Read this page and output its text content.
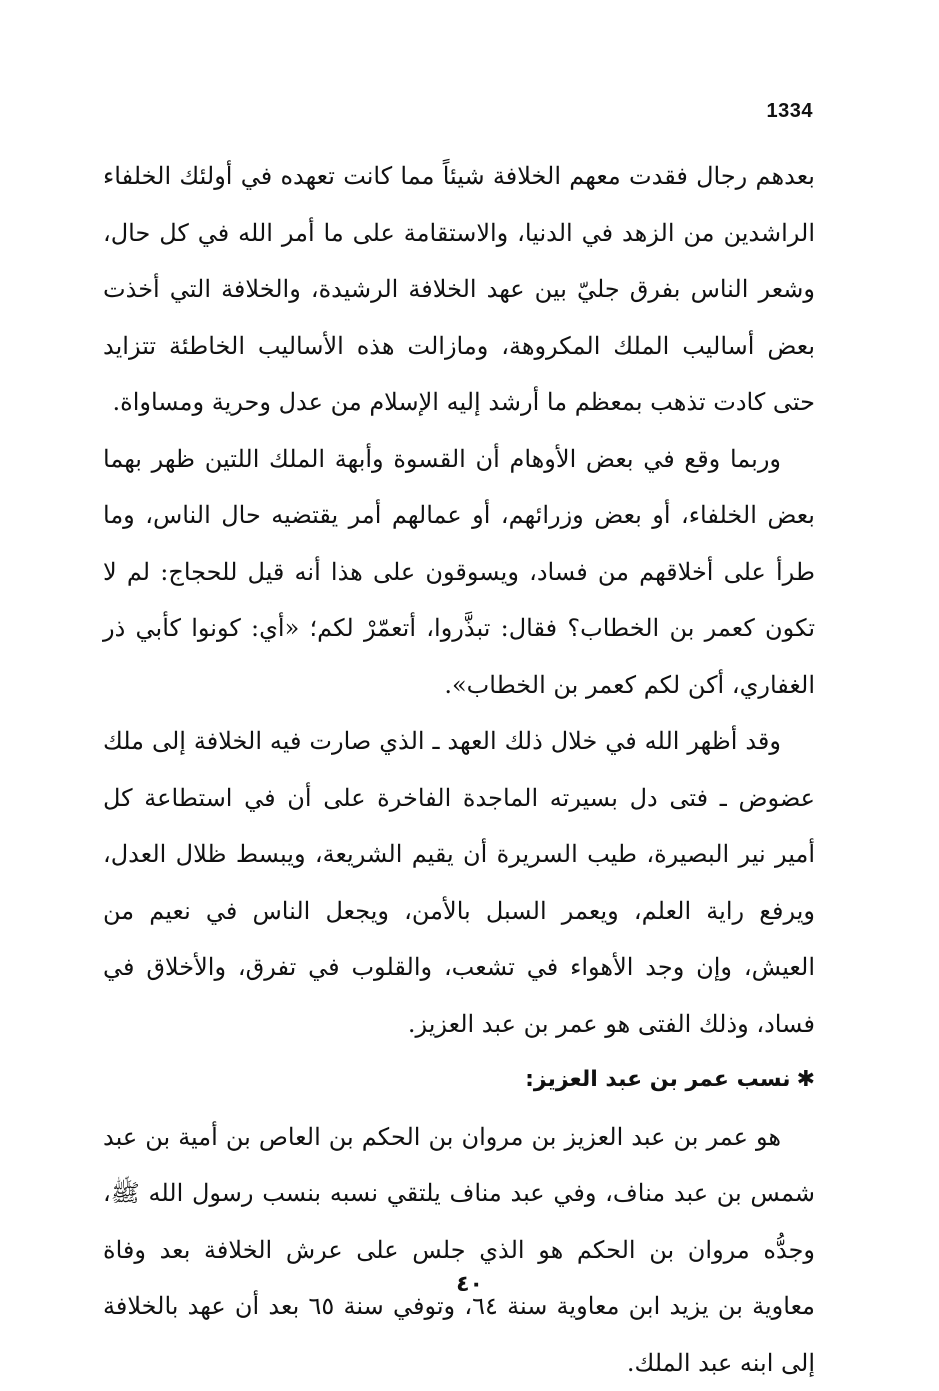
1334

بعدهم رجال فقدت معهم الخلافة شيئاً مما كانت تعهده في أولئك الخلفاء الراشدين من الزهد في الدنيا، والاستقامة على ما أمر الله في كل حال، وشعر الناس بفرق جليّ بين عهد الخلافة الرشيدة، والخلافة التي أخذت بعض أساليب الملك المكروهة، ومازالت هذه الأساليب الخاطئة تتزايد حتى كادت تذهب بمعظم ما أرشد إليه الإسلام من عدل وحرية ومساواة.

وربما وقع في بعض الأوهام أن القسوة وأبهة الملك اللتين ظهر بهما بعض الخلفاء، أو بعض وزرائهم، أو عمالهم أمر يقتضيه حال الناس، وما طرأ على أخلاقهم من فساد، ويسوقون على هذا أنه قيل للحجاج: لم لا تكون كعمر بن الخطاب؟ فقال: تبذَّروا، أتعمّرْ لكم؛ «أي: كونوا كأبي ذر الغفاري، أكن لكم كعمر بن الخطاب».

وقد أظهر الله في خلال ذلك العهد ـ الذي صارت فيه الخلافة إلى ملك عضوض ـ فتى دل بسيرته الماجدة الفاخرة على أن في استطاعة كل أمير نير البصيرة، طيب السريرة أن يقيم الشريعة، ويبسط ظلال العدل، ويرفع راية العلم، ويعمر السبل بالأمن، ويجعل الناس في نعيم من العيش، وإن وجد الأهواء في تشعب، والقلوب في تفرق، والأخلاق في فساد، وذلك الفتى هو عمر بن عبد العزيز.

✱نسب عمر بن عبد العزيز:

هو عمر بن عبد العزيز بن مروان بن الحكم بن العاص بن أمية بن عبد شمس بن عبد مناف، وفي عبد مناف يلتقي نسبه بنسب رسول الله ﷺ، وجدُّه مروان بن الحكم هو الذي جلس على عرش الخلافة بعد وفاة معاوية بن يزيد ابن معاوية سنة ٦٤، وتوفي سنة ٦٥ بعد أن عهد بالخلافة إلى ابنه عبد الملك.

٤٠
